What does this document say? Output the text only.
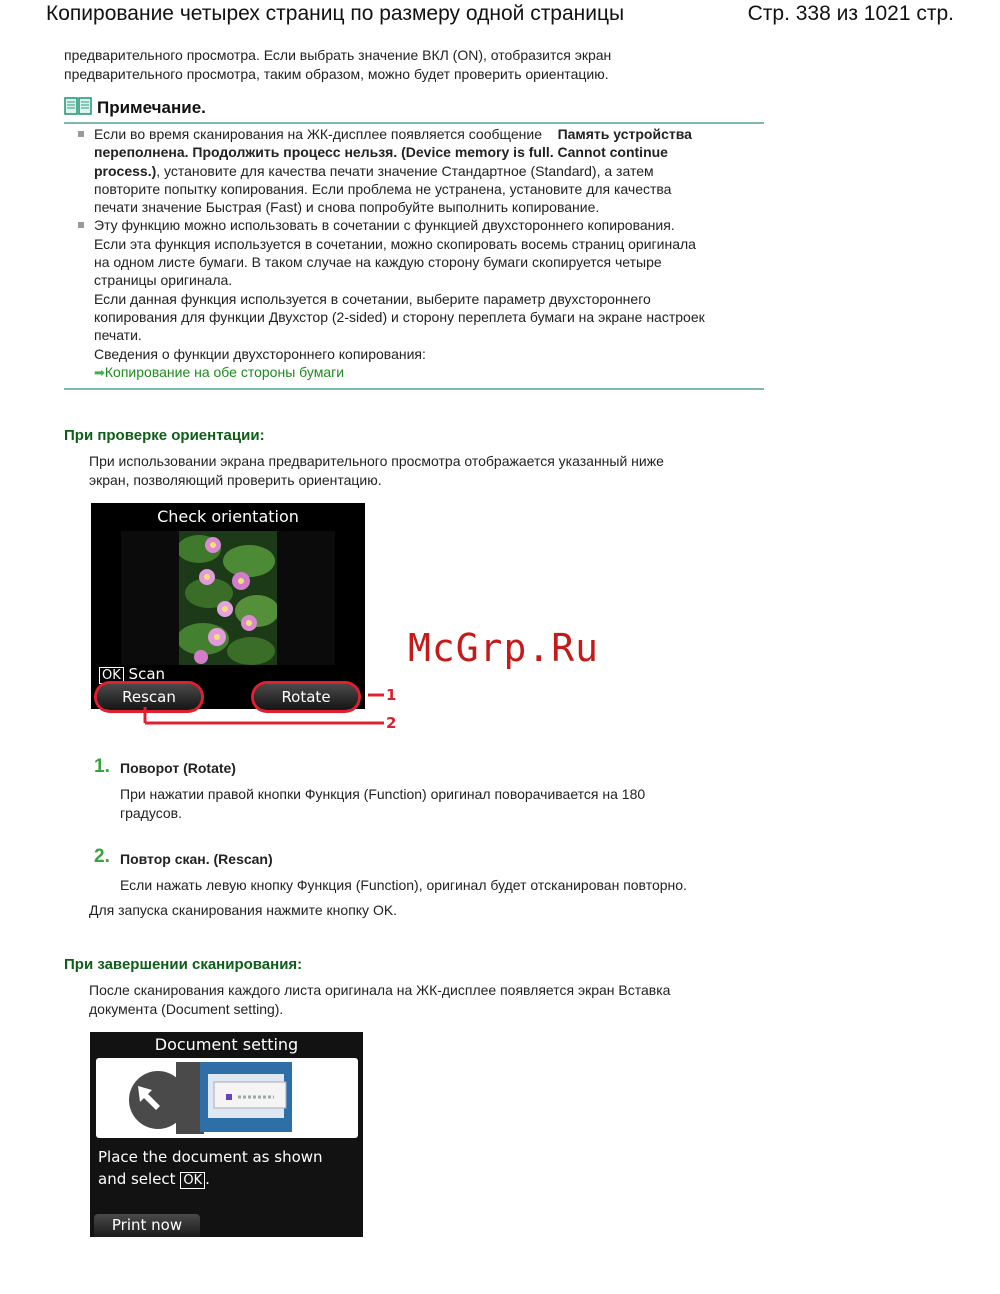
Копирование четырех страниц по размеру одной страницы	Стр. 338 из 1021 стр.
предварительного просмотра. Если выбрать значение ВКЛ (ON), отобразится экран
предварительного просмотра, таким образом, можно будет проверить ориентацию.
Примечание.
Если во время сканирования на ЖК-дисплее появляется сообщение Память устройства
переполнена. Продолжить процесс нельзя. (Device memory is full. Cannot continue
process.), установите для качества печати значение Стандартное (Standard), а затем
повторите попытку копирования. Если проблема не устранена, установите для качества
печати значение Быстрая (Fast) и снова попробуйте выполнить копирование.
Эту функцию можно использовать в сочетании с функцией двухстороннего копирования.
Если эта функция используется в сочетании, можно скопировать восемь страниц оригинала
на одном листе бумаги. В таком случае на каждую сторону бумаги скопируется четыре
страницы оригинала.
Если данная функция используется в сочетании, выберите параметр двухстороннего
копирования для функции Двухстор (2-sided) и сторону переплета бумаги на экране настроек
печати.
Сведения о функции двухстороннего копирования:
➡Копирование на обе стороны бумаги
При проверке ориентации:
При использовании экрана предварительного просмотра отображается указанный ниже
экран, позволяющий проверить ориентацию.
Check orientation
OK Scan
Rescan	Rotate	1
2
McGrp.Ru
1. Поворот (Rotate)
При нажатии правой кнопки Функция (Function) оригинал поворачивается на 180
градусов.
2. Повтор скан. (Rescan)
Если нажать левую кнопку Функция (Function), оригинал будет отсканирован повторно.
Для запуска сканирования нажмите кнопку OK.
При завершении сканирования:
После сканирования каждого листа оригинала на ЖК-дисплее появляется экран Вставка
документа (Document setting).
Document setting
Place the document as shown
and select OK .
Print now
